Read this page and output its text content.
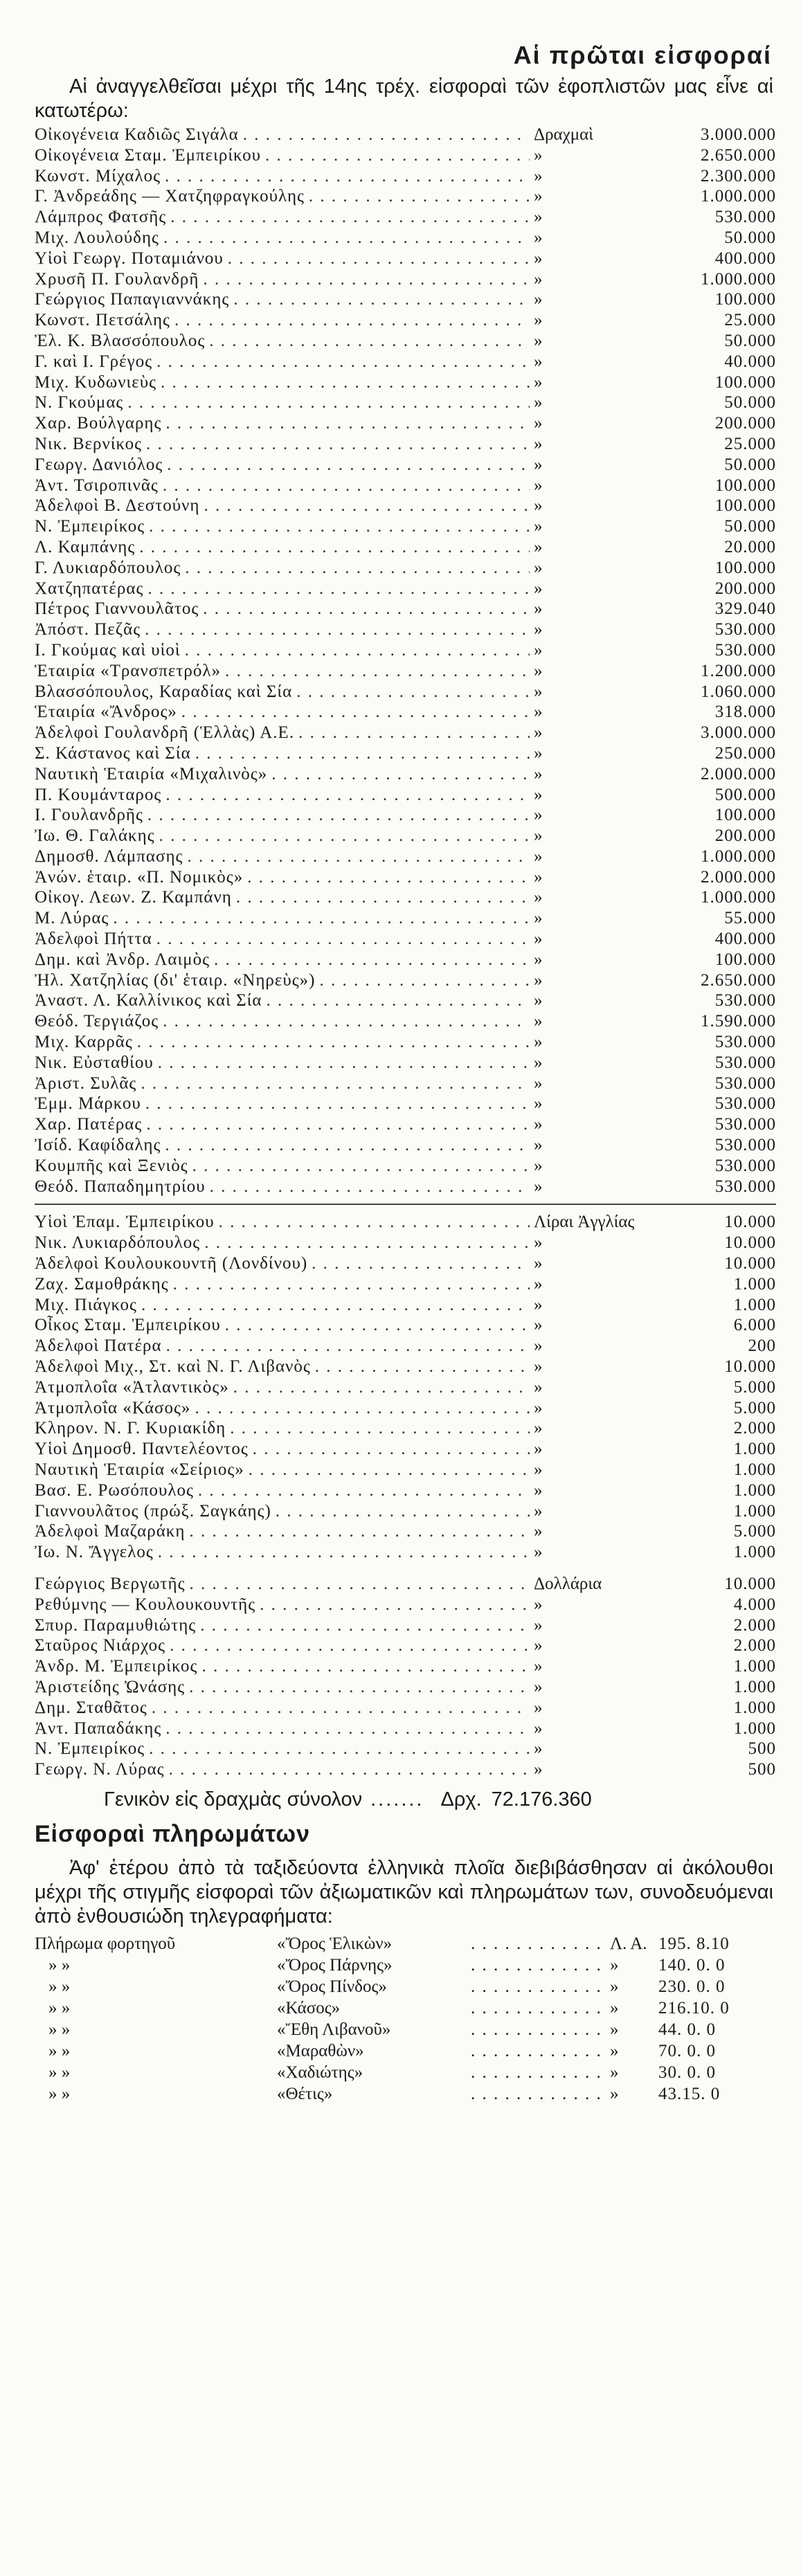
Αἱ πρῶται εἰσφοραί

Αἱ ἀναγγελθεῖσαι μέχρι τῆς 14ης τρέχ. εἰσφοραὶ τῶν ἐφοπλιστῶν μας εἶνε αἱ κατωτέρω:

Οἰκογένεια Καδιῶς Σιγάλα . . .	Δραχμαὶ	3.000.000
Οἰκογένεια Σταμ. Ἐμπειρίκου . . .	»	2.650.000
Κωνστ. Μίχαλος . . .	»	2.300.000
Γ. Ἀνδρεάδης — Χατζηφραγκούλης . . .	»	1.000.000
Λάμπρος Φατσῆς . . .	»	530.000
Μιχ. Λουλούδης . . .	»	50.000
Υἱοὶ Γεωργ. Ποταμιάνου . . .	»	400.000
Χρυσῆ Π. Γουλανδρῆ . . .	»	1.000.000
Γεώργιος Παπαγιαννάκης . . .	»	100.000
Κωνστ. Πετσάλης . . .	»	25.000
Ἐλ. Κ. Βλασσόπουλος . . .	»	50.000
Γ. καὶ Ι. Γρέγος . . .	»	40.000
Μιχ. Κυδωνιεὺς . . .	»	100.000
Ν. Γκούμας . . .	»	50.000
Χαρ. Βούλγαρης . . .	»	200.000
Νικ. Βερνίκος . . .	»	25.000
Γεωργ. Δανιόλος . . .	»	50.000
Ἀντ. Τσιροπινᾶς . . .	»	100.000
Ἀδελφοὶ Β. Δεστούνη . . .	»	100.000
Ν. Ἐμπειρίκος . . .	»	50.000
Λ. Καμπάνης . . .	»	20.000
Γ. Λυκιαρδόπουλος . . .	»	100.000
Χατζηπατέρας . . .	»	200.000
Πέτρος Γιαννουλᾶτος . . .	»	329.040
Ἀπόστ. Πεζᾶς . . .	»	530.000
Ι. Γκούμας καὶ υἱοὶ . . .	»	530.000
Ἑταιρία «Τρανσπετρόλ» . . .	»	1.200.000
Βλασσόπουλος, Καραδίας καὶ Σία . . .	»	1.060.000
Ἑταιρία «Ἄνδρος» . . .	»	318.000
Ἀδελφοὶ Γουλανδρῆ (Ἑλλὰς) Α.Ε. . . .	»	3.000.000
Σ. Κάστανος καὶ Σία . . .	»	250.000
Ναυτικὴ Ἑταιρία «Μιχαλινὸς» . . .	»	2.000.000
Π. Κουμάνταρος . . .	»	500.000
Ι. Γουλανδρῆς . . .	»	100.000
Ἰω. Θ. Γαλάκης . . .	»	200.000
Δημοσθ. Λάμπασης . . .	»	1.000.000
Ἀνών. ἑταιρ. «Π. Νομικὸς» . . .	»	2.000.000
Οἰκογ. Λεων. Ζ. Καμπάνη . . .	»	1.000.000
Μ. Λύρας . . .	»	55.000
Ἀδελφοὶ Πήττα . . .	»	400.000
Δημ. καὶ Ἀνδρ. Λαιμὸς . . .	»	100.000
Ἠλ. Χατζηλίας (δι' ἑταιρ. «Νηρεὺς») . . .	»	2.650.000
Ἀναστ. Λ. Καλλίνικος καὶ Σία . . .	»	530.000
Θεόδ. Τεργιάζος . . .	»	1.590.000
Μιχ. Καρρᾶς . . .	»	530.000
Νικ. Εὐσταθίου . . .	»	530.000
Ἀριστ. Συλᾶς . . .	»	530.000
Ἐμμ. Μάρκου . . .	»	530.000
Χαρ. Πατέρας . . .	»	530.000
Ἰσίδ. Καφίδαλης . . .	»	530.000
Κουμπῆς καὶ Ξενιὸς . . .	»	530.000
Θεόδ. Παπαδημητρίου . . .	»	530.000
Υἱοὶ Ἐπαμ. Ἐμπειρίκου . . .	Λίραι Ἀγγλίας	10.000
Νικ. Λυκιαρδόπουλος . . .	»	10.000
Ἀδελφοὶ Κουλουκουντῆ (Λονδίνου) . . .	»	10.000
Ζαχ. Σαμοθράκης . . .	»	1.000
Μιχ. Πιάγκος . . .	»	1.000
Οἶκος Σταμ. Ἐμπειρίκου . . .	»	6.000
Ἀδελφοὶ Πατέρα . . .	»	200
Ἀδελφοὶ Μιχ., Στ. καὶ Ν. Γ. Λιβανὸς . . .	»	10.000
Ἀτμοπλοΐα «Ἀτλαντικὸς» . . .	»	5.000
Ἀτμοπλοΐα «Κάσος» . . .	»	5.000
Κληρον. Ν. Γ. Κυριακίδη . . .	»	2.000
Υἱοὶ Δημοσθ. Παντελέοντος . . .	»	1.000
Ναυτικὴ Ἑταιρία «Σείριος» . . .	»	1.000
Βασ. Ε. Ρωσόπουλος . . .	»	1.000
Γιαννουλᾶτος (πρώξ. Σαγκάης) . . .	»	1.000
Ἀδελφοὶ Μαζαράκη . . .	»	5.000
Ἰω. Ν. Ἄγγελος . . .	»	1.000
Γεώργιος Βεργωτῆς . . .	Δολλάρια	10.000
Ρεθύμνης — Κουλουκουντῆς . . .	»	4.000
Σπυρ. Παραμυθιώτης . . .	»	2.000
Σταῦρος Νιάρχος . . .	»	2.000
Ἀνδρ. Μ. Ἐμπειρίκος . . .	»	1.000
Ἀριστείδης Ὠνάσης . . .	»	1.000
Δημ. Σταθᾶτος . . .	»	1.000
Ἀντ. Παπαδάκης . . .	»	1.000
Ν. Ἐμπειρίκος . . .	»	500
Γεωργ. Ν. Λύρας . . .	»	500
Γενικὸν εἰς δραχμὰς σύνολον ....... Δρχ. 72.176.360
Εἰσφοραὶ πληρωμάτων

Ἀφ' ἑτέρου ἀπὸ τὰ ταξιδεύοντα ἑλληνικὰ πλοῖα διεβιβάσθησαν αἱ ἀκόλουθοι μέχρι τῆς στιγμῆς εἰσφοραὶ τῶν ἀξιωματικῶν καὶ πληρωμάτων των, συνοδευόμεναι ἀπὸ ἐνθουσιώδη τηλεγραφήματα:

Πλήρωμα φορτηγοῦ	«Ὄρος Ἑλικὼν» . . .	Λ. Α. 195. 8.10
» »	«Ὄρος Πάρνης» . . .	»	140. 0. 0
» »	«Ὄρος Πίνδος» . . .	»	230. 0. 0
» »	«Κάσος» . . .	»	216.10. 0
» »	«Ἔθη Λιβανοῦ» . . .	»	44. 0. 0
» »	«Μαραθὼν» . . .	»	70. 0. 0
» »	«Χαδιώτης» . . .	»	30. 0. 0
» »	«Θέτις» . . .	»	43.15. 0
